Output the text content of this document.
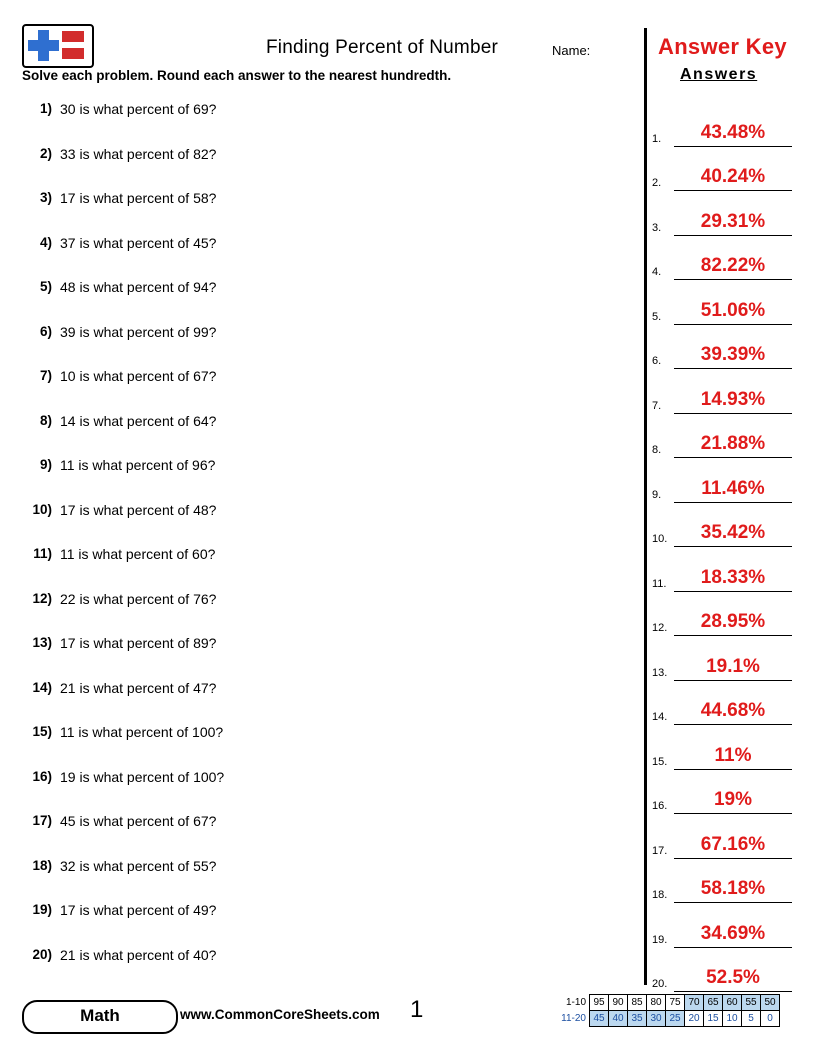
Finding Percent of Number	Name:	Answer Key
Solve each problem. Round each answer to the nearest hundredth.
1) 30 is what percent of 69?
2) 33 is what percent of 82?
3) 17 is what percent of 58?
4) 37 is what percent of 45?
5) 48 is what percent of 94?
6) 39 is what percent of 99?
7) 10 is what percent of 67?
8) 14 is what percent of 64?
9) 11 is what percent of 96?
10) 17 is what percent of 48?
11) 11 is what percent of 60?
12) 22 is what percent of 76?
13) 17 is what percent of 89?
14) 21 is what percent of 47?
15) 11 is what percent of 100?
16) 19 is what percent of 100?
17) 45 is what percent of 67?
18) 32 is what percent of 55?
19) 17 is what percent of 49?
20) 21 is what percent of 40?
Answers
1.	43.48%
2.	40.24%
3.	29.31%
4.	82.22%
5.	51.06%
6.	39.39%
7.	14.93%
8.	21.88%
9.	11.46%
10.	35.42%
11.	18.33%
12.	28.95%
13.	19.1%
14.	44.68%
15.	11%
16.	19%
17.	67.16%
18.	58.18%
19.	34.69%
20.	52.5%
Math	www.CommonCoreSheets.com 1	1-10	95	90	85	80	75	70	65	60	55	50
11-20	45	40	35	30	25	20	15	10	5	0
